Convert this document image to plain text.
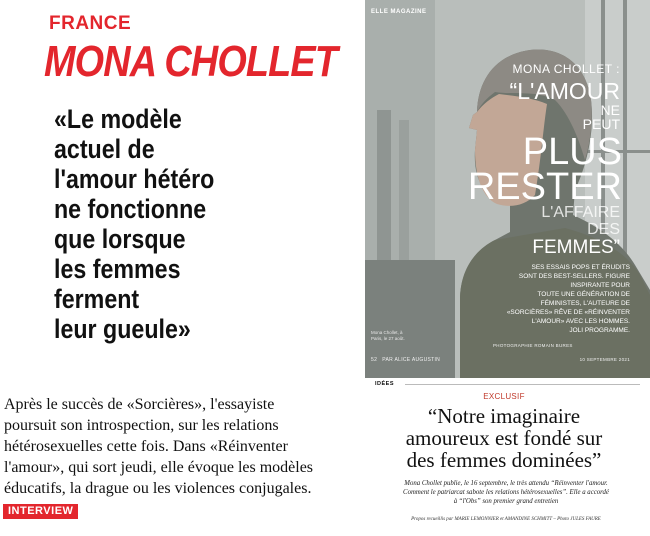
FRANCE
MONA CHOLLET
«Le modèle
actuel de
l'amour hétéro
ne fonctionne
que lorsque
les femmes
ferment
leur gueule»
Après le succès de «Sorcières», l'essayiste
poursuit son introspection, sur les relations
hétérosexuelles cette fois. Dans «Réinventer
l'amour», qui sort jeudi, elle évoque les modèles
éducatifs, la drague ou les violences conjugales.
INTERVIEW
ELLE MAGAZINE
MONA CHOLLET :
“L'AMOUR
NE
PEUT
PLUS
RESTER
L'AFFAIRE
DES
FEMMES”
SES ESSAIS POPS ET ÉRUDITS
SONT DES BEST-SELLERS. FIGURE
INSPIRANTE POUR
TOUTE UNE GÉNÉRATION DE
FÉMINISTES, L'AUTEURE DE
«SORCIÈRES» RÊVE DE «RÉINVENTER
L'AMOUR» AVEC LES HOMMES.
JOLI PROGRAMME.
Mona Chollet, à Paris, le 27 août.
PHOTOGRAPHIE ROMAIN BURES
52 PAR ALICE AUGUSTIN	10 SEPTEMBRE 2021
IDÉES
EXCLUSIF
“Notre imaginaire
amoureux est fondé sur
des femmes dominées”
Mona Chollet publie, le 16 septembre, le très attendu “Réinventer l'amour.
Comment le patriarcat sabote les relations hétérosexuelles”. Elle a accordé
à “l'Obs” son premier grand entretien
Propos recueillis par MARIE LEMONNIER et AMANDINE SCHMITT – Photo JULES FAURE
